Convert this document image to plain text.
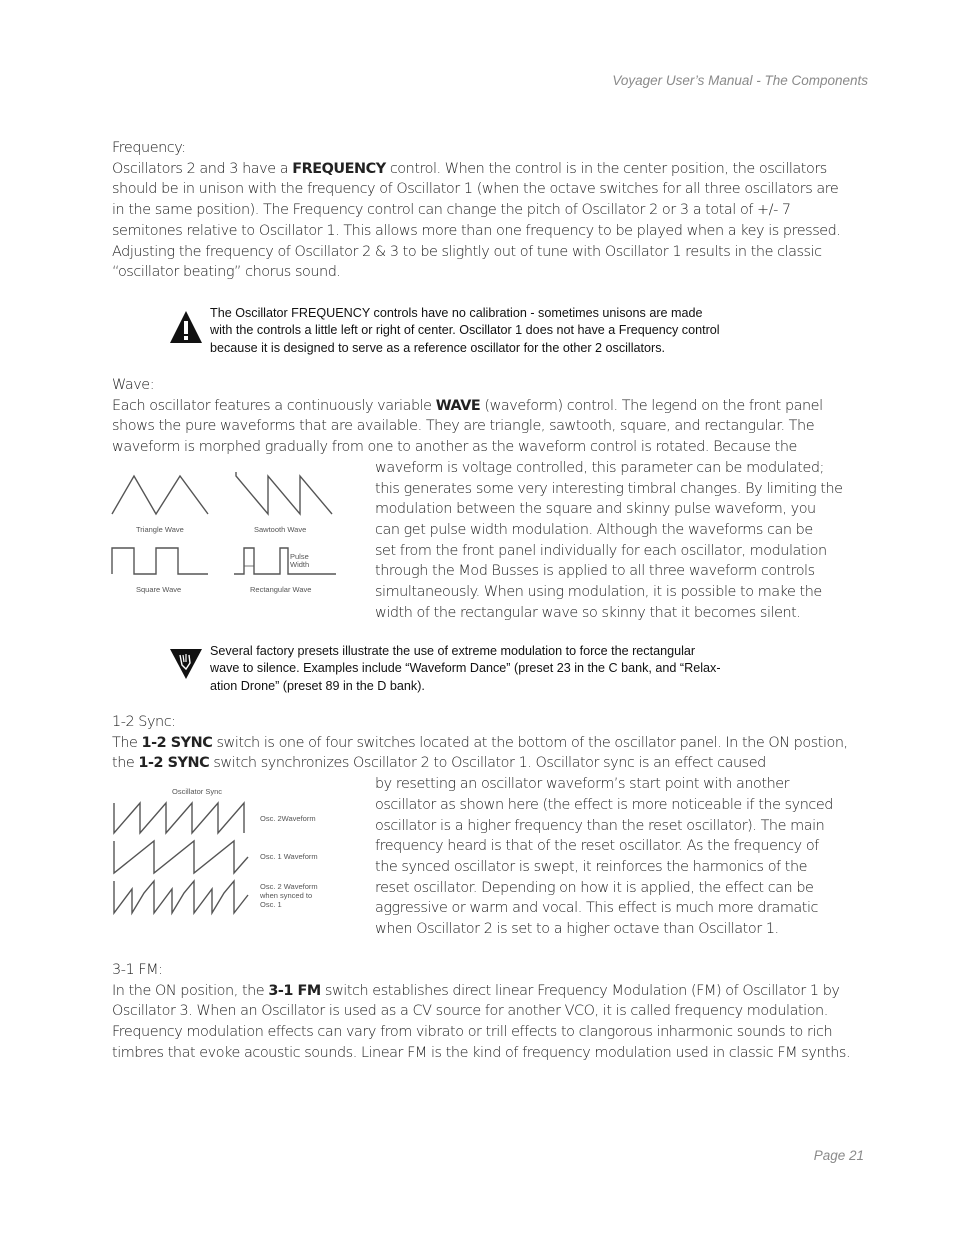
Voyager User’s Manual - The Components

Frequency:

Oscillators 2 and 3 have a FREQUENCY control. When the control is in the center position, the oscillators should be in unison with the frequency of Oscillator 1 (when the octave switches for all three oscillators are in the same position). The Frequency control can change the pitch of Oscillator 2 or 3 a total of +/- 7 semitones relative to Oscillator 1. This allows more than one frequency to be played when a key is pressed. Adjusting the frequency of Oscillator 2 & 3 to be slightly out of tune with Oscillator 1 results in the classic “oscillator beating” chorus sound.

The Oscillator FREQUENCY controls have no calibration - sometimes unisons are made
with the controls a little left or right of center. Oscillator 1 does not have a Frequency control
because it is designed to serve as a reference oscillator for the other 2 oscillators.

Wave:

Each oscillator features a continuously variable WAVE (waveform) control. The legend on the front panel shows the pure waveforms that are available. They are triangle, sawtooth, square, and rectangular. The waveform is morphed gradually from one to another as the waveform control is rotated. Because the

waveform is voltage controlled, this parameter can be modulated;
this generates some very interesting timbral changes. By limiting the
modulation between the square and skinny pulse waveform, you
can get pulse width modulation. Although the waveforms can be
set from the front panel individually for each oscillator, modulation
through the Mod Busses is applied to all three waveform controls
simultaneously. When using modulation, it is possible to make the
width of the rectangular wave so skinny that it becomes silent.
Triangle Wave	Sawtooth Wave
Square Wave	Rectangular Wave
Pulse
Width
Several factory presets illustrate the use of extreme modulation to force the rectangular
wave to silence. Examples include “Waveform Dance” (preset 23 in the C bank, and “Relax-
ation Drone” (preset 89 in the D bank).

1-2 Sync:

The 1-2 SYNC switch is one of four switches located at the bottom of the oscillator panel. In the ON postion, the 1-2 SYNC switch synchronizes Oscillator 2 to Oscillator 1. Oscillator sync is an effect caused

by resetting an oscillator waveform’s start point with another
oscillator as shown here (the effect is more noticeable if the synced
oscillator is a higher frequency than the reset oscillator). The main
frequency heard is that of the reset oscillator. As the frequency of
the synced oscillator is swept, it reinforces the harmonics of the
reset oscillator. Depending on how it is applied, the effect can be
aggressive or warm and vocal. This effect is much more dramatic
when Oscillator 2 is set to a higher octave than Oscillator 1.
Oscillator Sync
Osc. 2Waveform
Osc. 1 Waveform
Osc. 2 Waveform
when synced to
Osc. 1

3-1 FM:

In the ON position, the 3-1 FM switch establishes direct linear Frequency Modulation (FM) of Oscillator 1 by Oscillator 3. When an Oscillator is used as a CV source for another VCO, it is called frequency modulation. Frequency modulation effects can vary from vibrato or trill effects to clangorous inharmonic sounds to rich timbres that evoke acoustic sounds. Linear FM is the kind of frequency modulation used in classic FM synths.

Page 21
